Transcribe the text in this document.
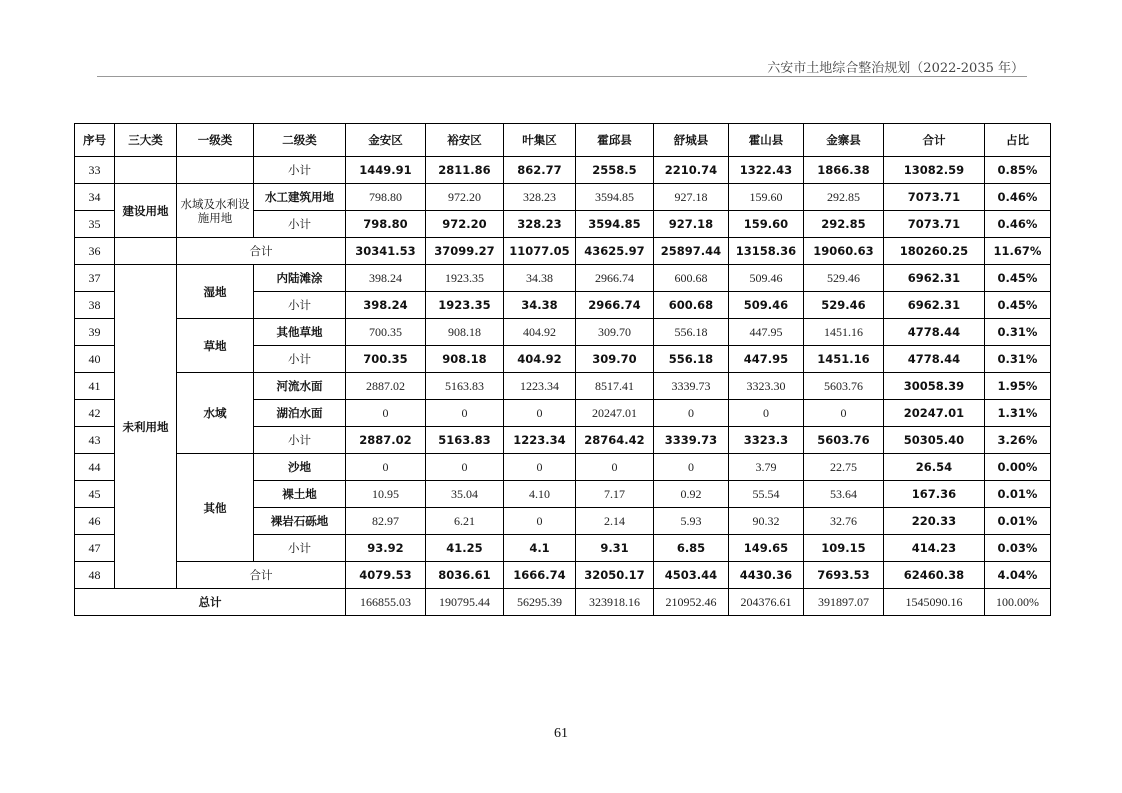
六安市土地综合整治规划（2022-2035 年）
序号	三大类	一级类	二级类	金安区	裕安区	叶集区	霍邱县	舒城县	霍山县	金寨县	合计	占比
33			小计	1449.91	2811.86	862.77	2558.5	2210.74	1322.43	1866.38	13082.59	0.85%
34	建设用地	水域及水利设施用地	水工建筑用地	798.80	972.20	328.23	3594.85	927.18	159.60	292.85	7073.71	0.46%
35			小计	798.80	972.20	328.23	3594.85	927.18	159.60	292.85	7073.71	0.46%
36		合计		30341.53	37099.27	11077.05	43625.97	25897.44	13158.36	19060.63	180260.25	11.67%
37	未利用地	湿地	内陆滩涂	398.24	1923.35	34.38	2966.74	600.68	509.46	529.46	6962.31	0.45%
38			小计	398.24	1923.35	34.38	2966.74	600.68	509.46	529.46	6962.31	0.45%
39		草地	其他草地	700.35	908.18	404.92	309.70	556.18	447.95	1451.16	4778.44	0.31%
40			小计	700.35	908.18	404.92	309.70	556.18	447.95	1451.16	4778.44	0.31%
41		水域	河流水面	2887.02	5163.83	1223.34	8517.41	3339.73	3323.30	5603.76	30058.39	1.95%
42			湖泊水面	0	0	0	20247.01	0	0	0	20247.01	1.31%
43			小计	2887.02	5163.83	1223.34	28764.42	3339.73	3323.3	5603.76	50305.40	3.26%
44		其他	沙地	0	0	0	0	0	3.79	22.75	26.54	0.00%
45			裸土地	10.95	35.04	4.10	7.17	0.92	55.54	53.64	167.36	0.01%
46			裸岩石砾地	82.97	6.21	0	2.14	5.93	90.32	32.76	220.33	0.01%
47			小计	93.92	41.25	4.1	9.31	6.85	149.65	109.15	414.23	0.03%
48		合计		4079.53	8036.61	1666.74	32050.17	4503.44	4430.36	7693.53	62460.38	4.04%
总计				166855.03	190795.44	56295.39	323918.16	210952.46	204376.61	391897.07	1545090.16	100.00%
61
